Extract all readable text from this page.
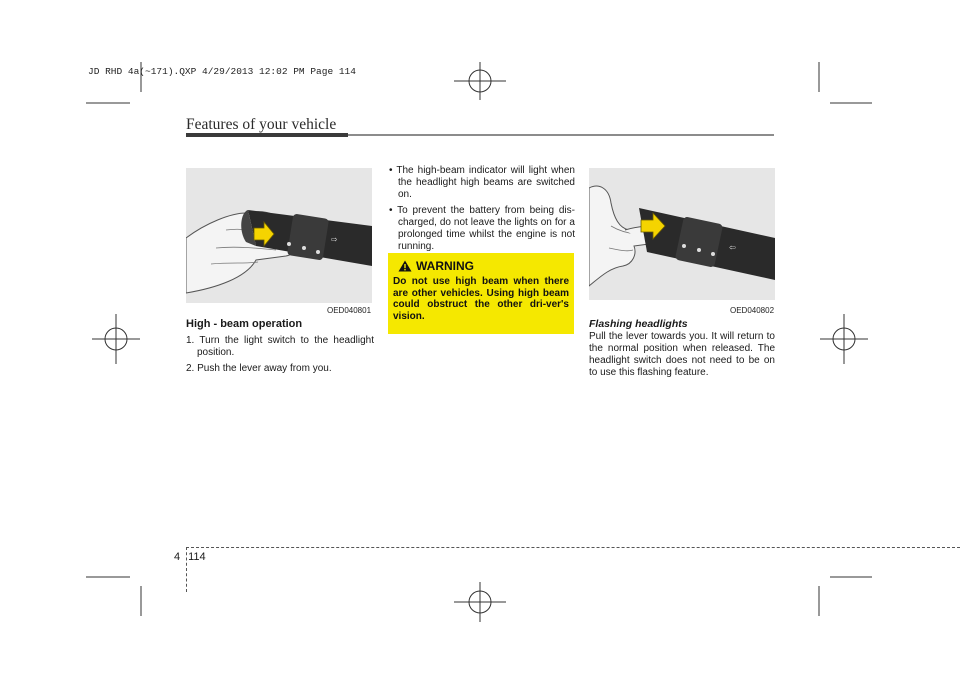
JD RHD 4a(~171).QXP 4/29/2013 12:02 PM Page 114
Features of your vehicle
⇨
OED040801
High - beam operation
1. Turn the light switch to the headlight position.
2. Push the lever away from you.
• The high-beam indicator will light when the headlight high beams are switched on.
• To prevent the battery from being dis-charged, do not leave the lights on for a prolonged time whilst the engine is not running.
WARNING
Do not use high beam when there are other vehicles. Using high beam could obstruct the other dri-ver's vision.
⇦
OED040802
Flashing headlights

Pull the lever towards you. It will return to the normal position when released. The headlight switch does not need to be on to use this flashing feature.

4 114
